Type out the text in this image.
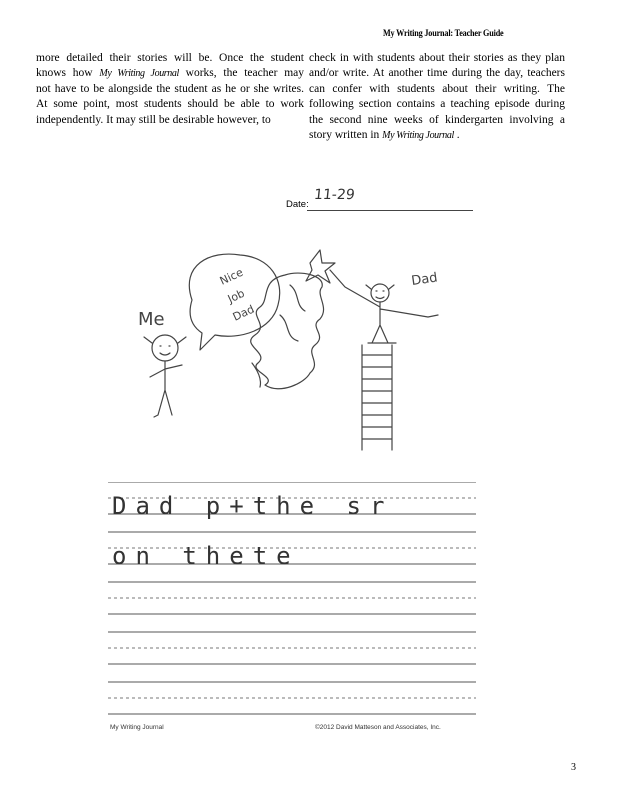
My Writing Journal: Teacher Guide
more detailed their stories will be. Once the student
knows how My Writing Journal works, the teacher may
not have to be alongside the student as he or she writes.
At some point, most students should be able to work
independently. It may still be desirable however, to
check in with students about their stories as they plan
and/or write. At another time during the day, teachers
can confer with students about their writing. The
following section contains a teaching episode during
the second nine weeks of kindergarten involving a
story written in My Writing Journal .
Date:
11-29
Nice
Job
Dad
Me
Dad
Dad p+the sr
on thete
My Writing Journal	©2012 David Matteson and Associates, Inc.
3
